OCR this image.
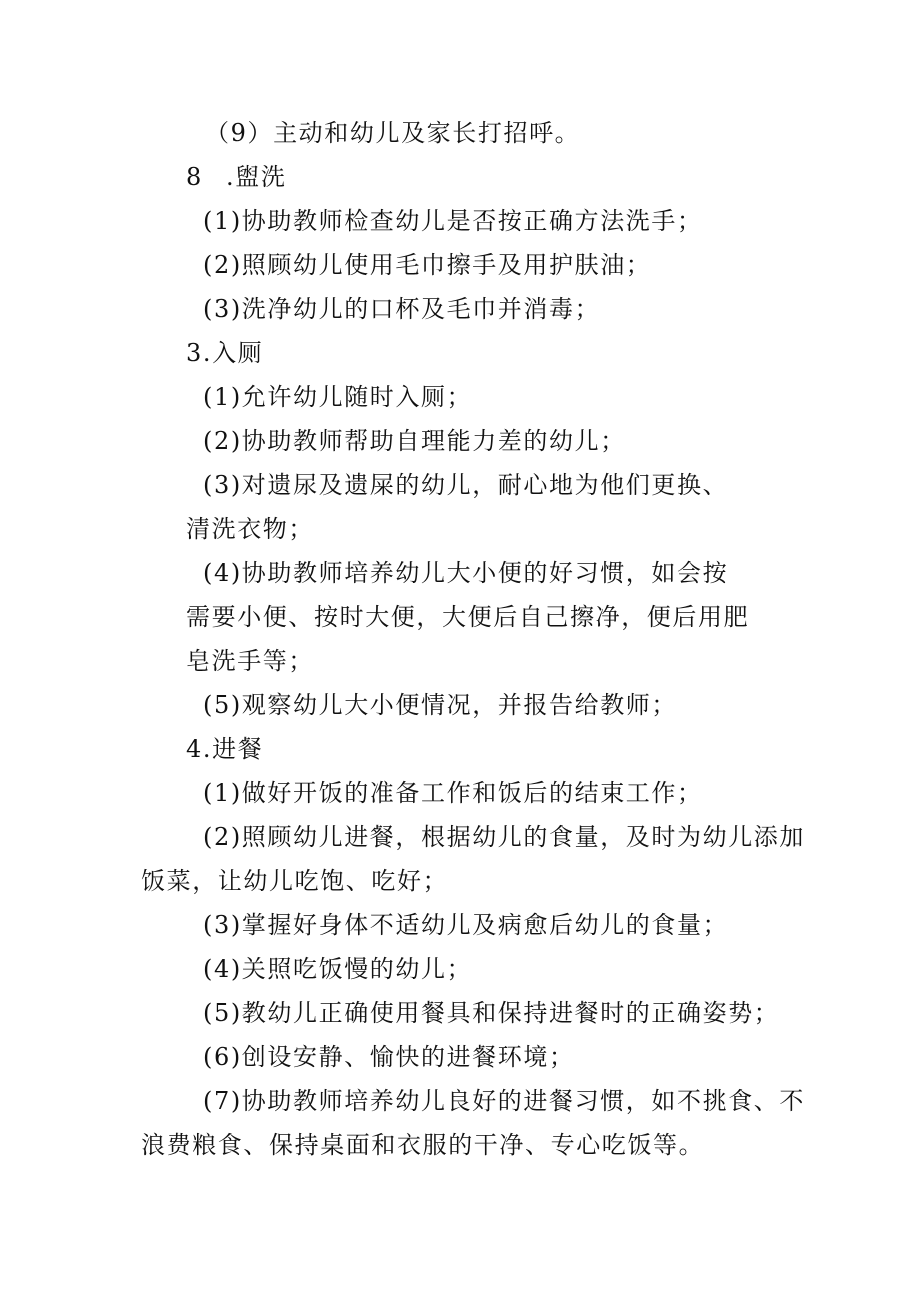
（9）主动和幼儿及家长打招呼。
8 .盥洗
(1)协助教师检查幼儿是否按正确方法洗手；
(2)照顾幼儿使用毛巾擦手及用护肤油；
(3)洗净幼儿的口杯及毛巾并消毒；
3.入厕
(1)允许幼儿随时入厕；
(2)协助教师帮助自理能力差的幼儿；
(3)对遗尿及遗屎的幼儿，耐心地为他们更换、
清洗衣物；
(4)协助教师培养幼儿大小便的好习惯，如会按
需要小便、按时大便，大便后自己擦净，便后用肥
皂洗手等；
(5)观察幼儿大小便情况，并报告给教师；
4.进餐
(1)做好开饭的准备工作和饭后的结束工作；
(2)照顾幼儿进餐，根据幼儿的食量，及时为幼儿添加
饭菜，让幼儿吃饱、吃好；
(3)掌握好身体不适幼儿及病愈后幼儿的食量；
(4)关照吃饭慢的幼儿；
(5)教幼儿正确使用餐具和保持进餐时的正确姿势；
(6)创设安静、愉快的进餐环境；
(7)协助教师培养幼儿良好的进餐习惯，如不挑食、不
浪费粮食、保持桌面和衣服的干净、专心吃饭等。
